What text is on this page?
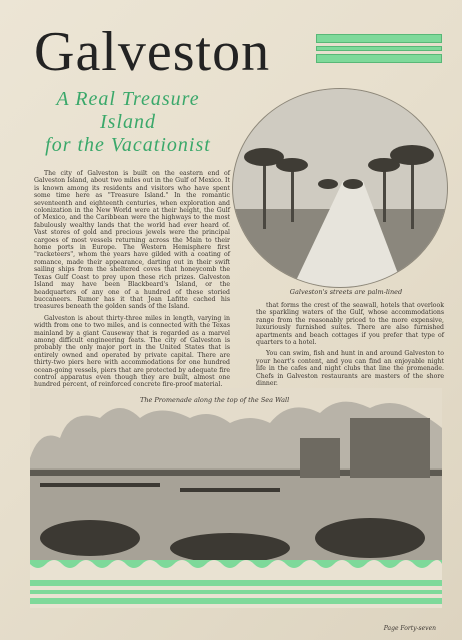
Galveston
A Real Treasure
Island
for the Vacationist

The city of Galveston is built on the eastern end of Galveston Island, about two miles out in the Gulf of Mexico. It is known among its residents and visitors who have spent some time here as "Treasure Island." In the romantic seventeenth and eighteenth centuries, when exploration and colonization in the New World were at their height, the Gulf of Mexico, and the Caribbean were the highways to the most fabulously wealthy lands that the world had ever heard of. Vast stores of gold and precious jewels were the principal cargoes of most vessels returning across the Main to their home ports in Europe. The Western Hemisphere first "racketeers", whom the years have gilded with a coating of romance, made their appearance, darting out in their swift sailing ships from the sheltered coves that honeycomb the Texas Gulf Coast to prey upon these rich prizes. Galveston Island may have been Blackbeard's Island, or the headquarters of any one of a hundred of these storied buccaneers. Rumor has it that Jean Lafitte cached his treasures beneath the golden sands of the Island.

Galveston is about thirty-three miles in length, varying in width from one to two miles, and is connected with the Texas mainland by a giant Causeway that is regarded as a marvel among difficult engineering feats. The city of Galveston is probably the only major port in the United States that is entirely owned and operated by private capital. There are thirty-two piers here with accommodations for one hundred ocean-going vessels, piers that are protected by adequate fire control apparatus even though they are built, almost one hundred percent, of reinforced concrete fire-proof material.

Galveston's streets are palm-lined

that forms the crest of the seawall, hotels that overlook the sparkling waters of the Gulf, whose accommodations range from the reasonably priced to the more expensive, luxuriously furnished suites. There are also furnished apartments and beach cottages if you prefer that type of quarters to a hotel.

You can swim, fish and hunt in and around Galveston to your heart's content, and you can find an enjoyable night life in the cafes and night clubs that line the promenade. Chefs in Galveston restaurants are masters of the shore dinner.

The Promenade along the top of the Sea Wall
Page Forty-seven
